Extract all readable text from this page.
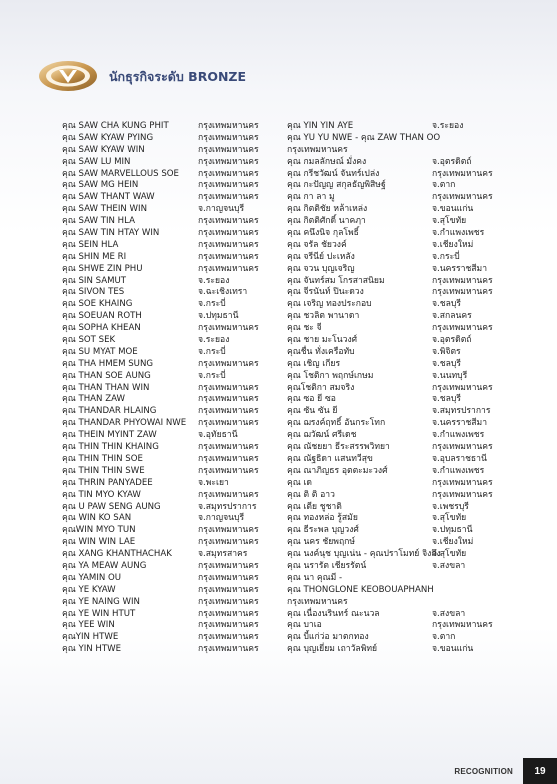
นักธุรกิจระดับ BRONZE
คุณ SAW CHA KUNG PHIT	กรุงเทพมหานคร
คุณ SAW KYAW PYING	กรุงเทพมหานคร
คุณ SAW KYAW WIN	กรุงเทพมหานคร
คุณ SAW LU MIN	กรุงเทพมหานคร
คุณ SAW MARVELLOUS SOE	กรุงเทพมหานคร
คุณ SAW MG HEIN	กรุงเทพมหานคร
คุณ SAW THANT WAW	กรุงเทพมหานคร
คุณ SAW THEIN WIN	จ.กาญจนบุรี
คุณ SAW TIN HLA	กรุงเทพมหานคร
คุณ SAW TIN HTAY WIN	กรุงเทพมหานคร
คุณ SEIN HLA	กรุงเทพมหานคร
คุณ SHIN ME RI	กรุงเทพมหานคร
คุณ SHWE ZIN PHU	กรุงเทพมหานคร
คุณ SIN SAMUT	จ.ระยอง
คุณ SIVON TES	จ.ฉะเชิงเทรา
คุณ SOE KHAING	จ.กระบี่
คุณ SOEUAN ROTH	จ.ปทุมธานี
คุณ SOPHA KHEAN	กรุงเทพมหานคร
คุณ SOT SEK	จ.ระยอง
คุณ SU MYAT MOE	จ.กระบี่
คุณ THA HMEM SUNG	กรุงเทพมหานคร
คุณ THAN SOE AUNG	จ.กระบี่
คุณ THAN THAN WIN	กรุงเทพมหานคร
คุณ THAN ZAW	กรุงเทพมหานคร
คุณ THANDAR HLAING	กรุงเทพมหานคร
คุณ THANDAR PHYOWAI NWE	กรุงเทพมหานคร
คุณ THEIN MYINT ZAW	จ.อุทัยธานี
คุณ THIN THIN KHAING	กรุงเทพมหานคร
คุณ THIN THIN SOE	กรุงเทพมหานคร
คุณ THIN THIN SWE	กรุงเทพมหานคร
คุณ THRIN PANYADEE	จ.พะเยา
คุณ TIN MYO KYAW	กรุงเทพมหานคร
คุณ U PAW SENG AUNG	จ.สมุทรปราการ
คุณ WIN KO SAN	จ.กาญจนบุรี
คุณWIN MYO TUN	กรุงเทพมหานคร
คุณ WIN WIN LAE	กรุงเทพมหานคร
คุณ XANG KHANTHACHAK	จ.สมุทรสาคร
คุณ YA MEAW AUNG	กรุงเทพมหานคร
คุณ YAMIN OU	กรุงเทพมหานคร
คุณ YE KYAW	กรุงเทพมหานคร
คุณ YE NAING WIN	กรุงเทพมหานคร
คุณ YE WIN HTUT	กรุงเทพมหานคร
คุณ YEE WIN	กรุงเทพมหานคร
คุณYIN HTWE	กรุงเทพมหานคร
คุณ YIN HTWE	กรุงเทพมหานคร
คุณ YIN YIN AYE	จ.ระยอง
คุณ YU YU NWE - คุณ ZAW THAN OO
กรุงเทพมหานคร
คุณ กมลลักษณ์ มั่งคง	จ.อุตรดิตถ์
คุณ กรีชวัฒน์ จันทร์เปล่ง	กรุงเทพมหานคร
คุณ กะปัญญ สกุลธัญพิสิษฐ์	จ.ตาก
คุณ กา ลา มู	กรุงเทพมหานคร
คุณ กิตติชัย หล้าเหล่ง	จ.ขอนแก่น
คุณ กิตติศักดิ์ นาคฦา	จ.สุโขทัย
คุณ คนึงนิจ กุลโพธิ์	จ.กำแพงเพชร
คุณ จรัล ชัยวงค์	จ.เชียงใหม่
คุณ จรีนีย์ ปะเหลัง	จ.กระบี่
คุณ จวน บุญเจริญ	จ.นครราชสีมา
คุณ จันทร์สม โกรสาสนิยม	กรุงเทพมหานคร
คุณ จีรนันท์ ปินะดวง	กรุงเทพมหานคร
คุณ เจริญ ทองประกอบ	จ.ชลบุรี
คุณ ชวลิต พานาดา	จ.สกลนคร
คุณ ชะ จี	กรุงเทพมหานคร
คุณ ชาย มะโนวงศ์	จ.อุตรดิตถ์
คุณชื่น ทั่งเครือทับ	จ.พิจิตร
คุณ เชิญ เกียร	จ.ชลบุรี
คุณ โชติกา พฤกษ์เกษม	จ.นนทบุรี
คุณโชติกา สมจริง	กรุงเทพมหานคร
คุณ ซอ ยี ซอ	จ.ชลบุรี
คุณ ซัน ซัน ยี	จ.สมุทรปราการ
คุณ ฌรงค์ฤทธิ์ อันกระโทก	จ.นครราชสีมา
คุณ ฌวัฒน์ ศรีเดช	จ.กำแพงเพชร
คุณ ณัชยยา ธีระสรรพวิทยา	กรุงเทพมหานคร
คุณ ณัฐธิดา แสนทวีสุข	จ.อุบลราชธานี
คุณ ณาภิญธร อุตตะมะวงศ์	จ.กำแพงเพชร
คุณ เด	กรุงเทพมหานคร
คุณ ติ ติ อาว	กรุงเทพมหานคร
คุณ เตีย ชูชาติ	จ.เพชรบุรี
คุณ ทองหล่อ รู้สมัย	จ.สุโขทัย
คุณ ธีระพล บุญวงศ์	จ.ปทุมธานี
คุณ นคร ชัยพฤกษ์	จ.เชียงใหม่
คุณ นงค์นุช บุญเน่น - คุณปราโมทย์ จิงถึง
จ.สุโขทัย
คุณ นรารัต เชียรรัตน์	จ.สงขลา
คุณ นา คุณมี -
คุณ THONGLONE KEOBOUAPHANH
กรุงเทพมหานคร
คุณ เนื่องนรินทร์ ณะนวล	จ.สงขลา
คุณ บาเอ	กรุงเทพมหานคร
คุณ บี้แก่ว่อ มาตกทอง	จ.ตาก
คุณ บุญเยี่ยม เถาวัลพิทย์	จ.ขอนแก่น
RECOGNITION	19
